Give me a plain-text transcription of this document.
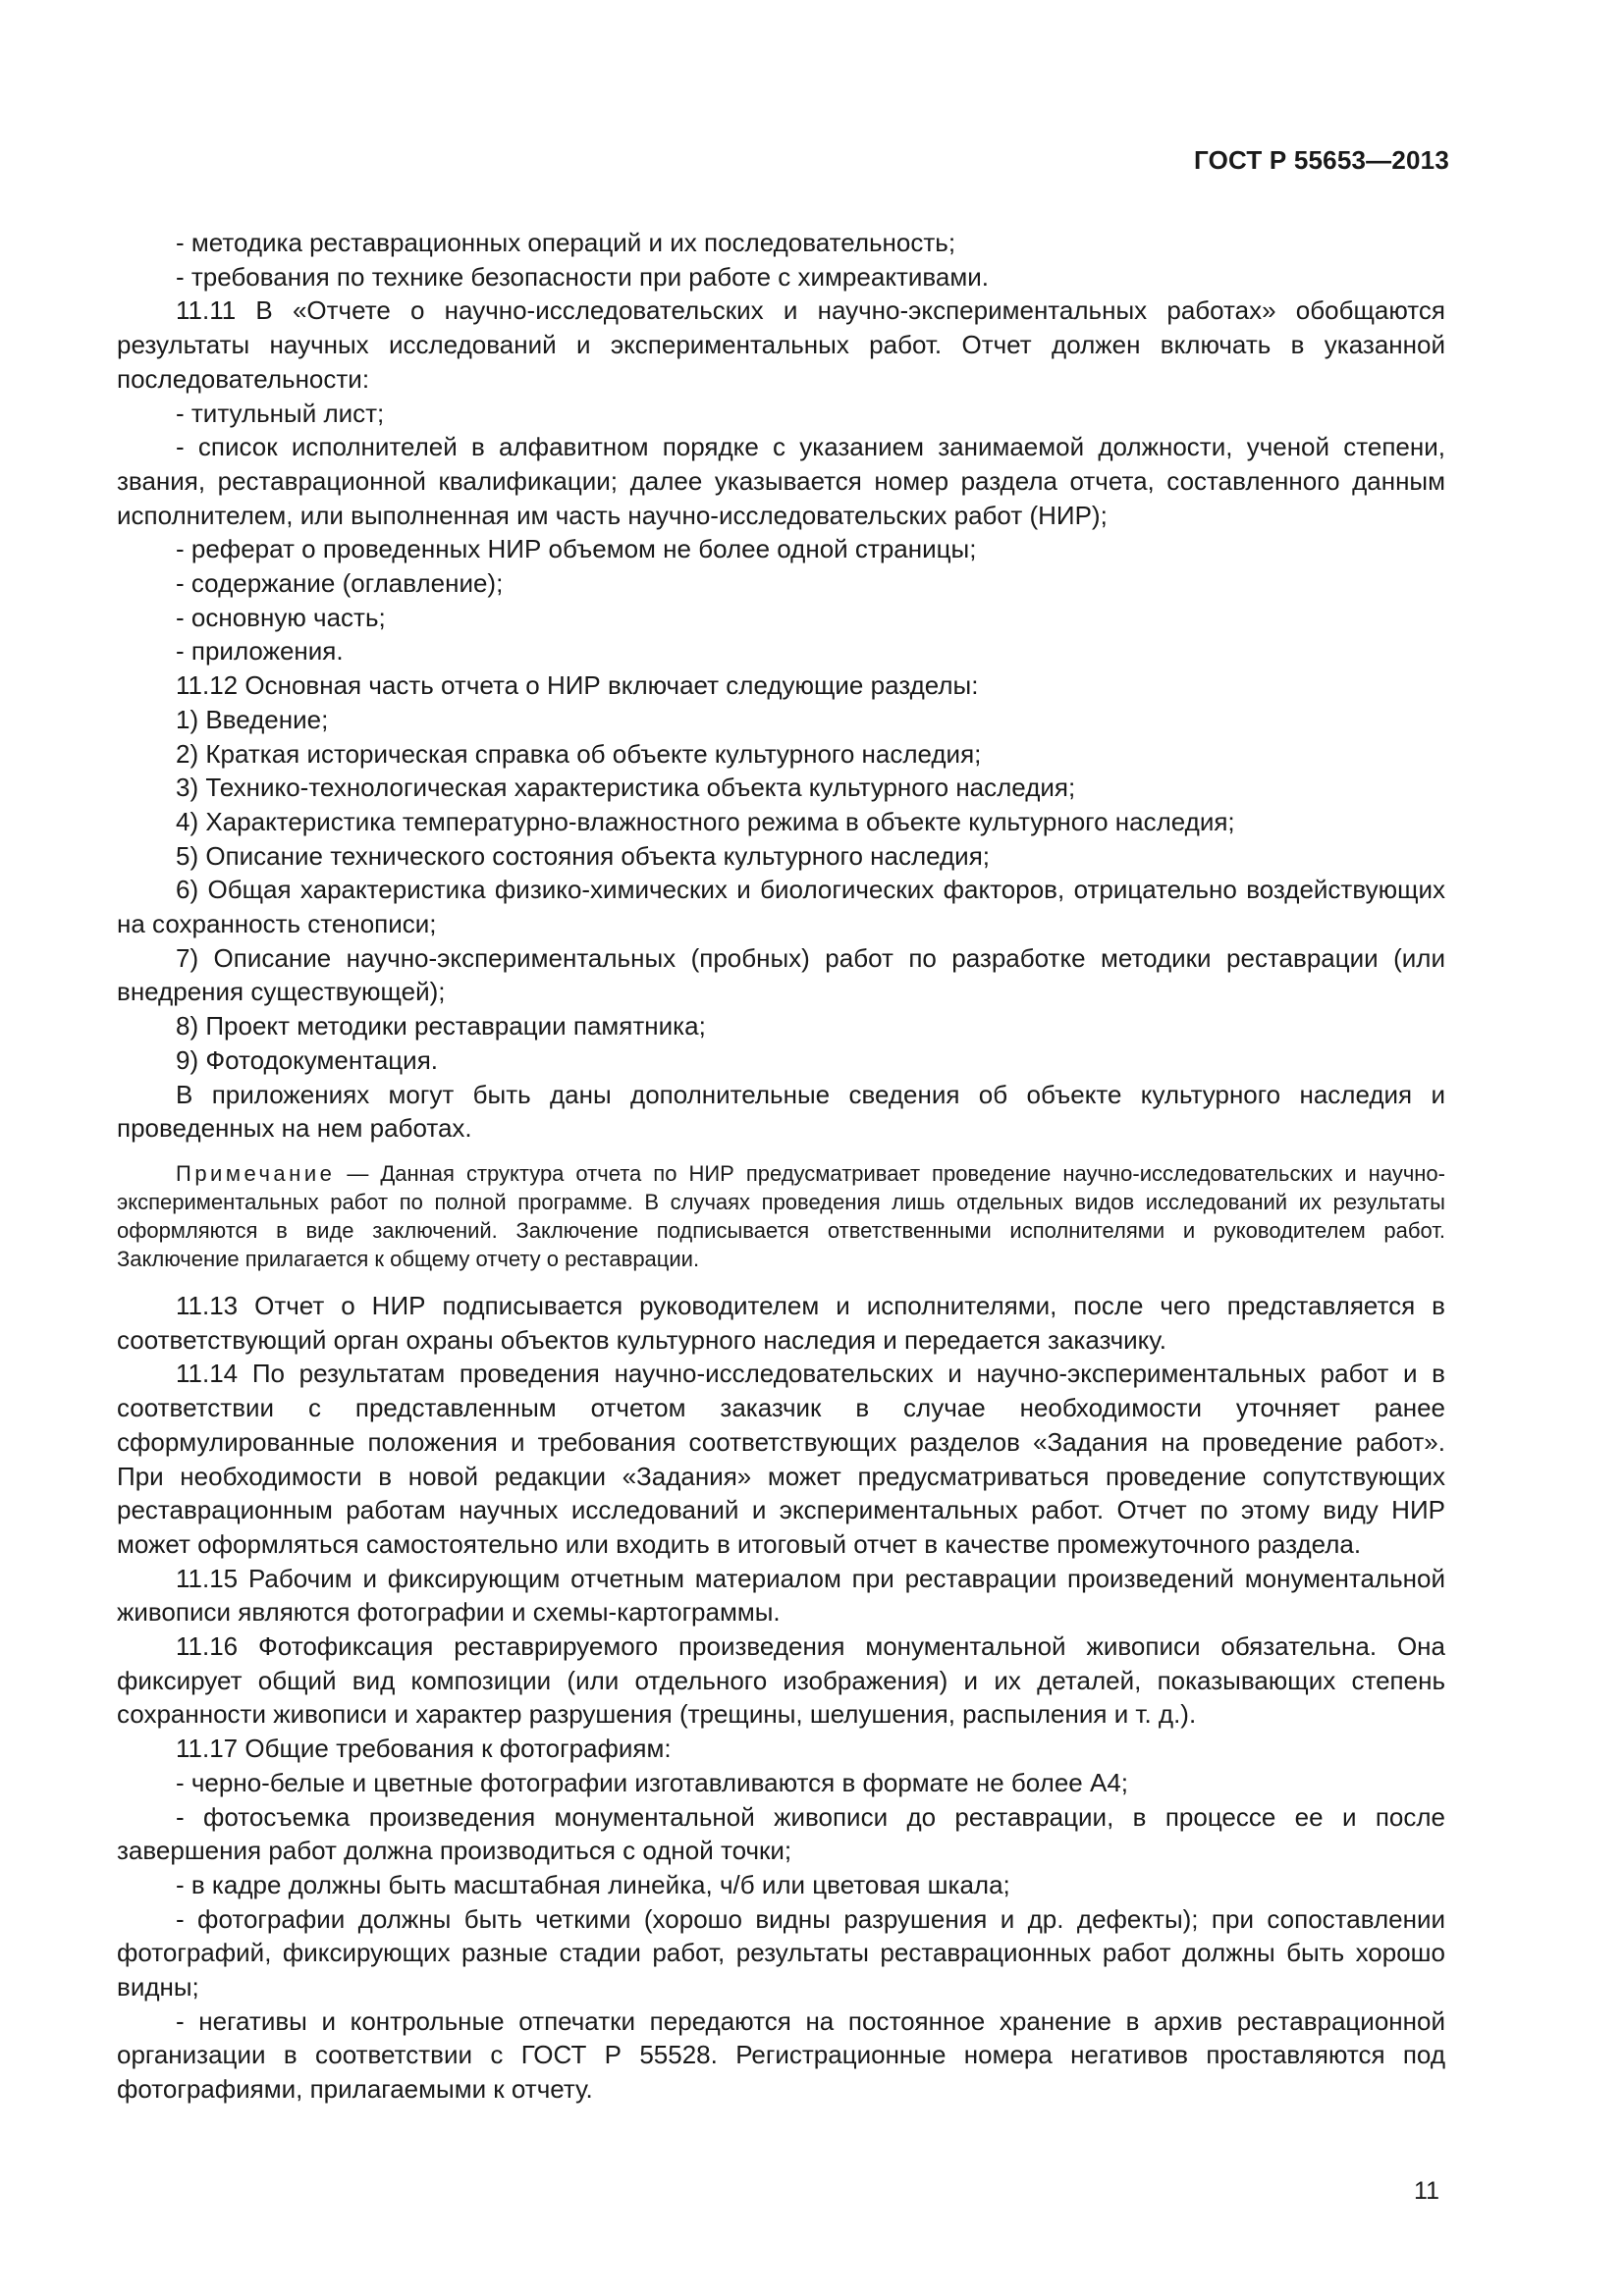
ГОСТ Р 55653—2013

- методика реставрационных операций и их последовательность;

- требования по технике безопасности при работе с химреактивами.

11.11 В «Отчете о научно-исследовательских и научно-экспериментальных работах» обобщаются результаты научных исследований и экспериментальных работ. Отчет должен включать в указанной последовательности:

- титульный лист;

- список исполнителей в алфавитном порядке с указанием занимаемой должности, ученой степени, звания, реставрационной квалификации; далее указывается номер раздела отчета, составленного данным исполнителем, или выполненная им часть научно-исследовательских работ (НИР);

- реферат о проведенных НИР объемом не более одной страницы;

- содержание (оглавление);

- основную часть;

- приложения.

11.12 Основная часть отчета о НИР включает следующие разделы:

1) Введение;

2) Краткая историческая справка об объекте культурного наследия;

3) Технико-технологическая характеристика объекта культурного наследия;

4) Характеристика температурно-влажностного режима в объекте культурного наследия;

5) Описание технического состояния объекта культурного наследия;

6) Общая характеристика физико-химических и биологических факторов, отрицательно воздействующих на сохранность стенописи;

7) Описание научно-экспериментальных (пробных) работ по разработке методики реставрации (или внедрения существующей);

8) Проект методики реставрации памятника;

9) Фотодокументация.

В приложениях могут быть даны дополнительные сведения об объекте культурного наследия и проведенных на нем работах.

Примечание — Данная структура отчета по НИР предусматривает проведение научно-исследовательских и научно-экспериментальных работ по полной программе. В случаях проведения лишь отдельных видов исследований их результаты оформляются в виде заключений. Заключение подписывается ответственными исполнителями и руководителем работ. Заключение прилагается к общему отчету о реставрации.

11.13 Отчет о НИР подписывается руководителем и исполнителями, после чего представляется в соответствующий орган охраны объектов культурного наследия и передается заказчику.

11.14 По результатам проведения научно-исследовательских и научно-экспериментальных работ и в соответствии с представленным отчетом заказчик в случае необходимости уточняет ранее сформулированные положения и требования соответствующих разделов «Задания на проведение работ». При необходимости в новой редакции «Задания» может предусматриваться проведение сопутствующих реставрационным работам научных исследований и экспериментальных работ. Отчет по этому виду НИР может оформляться самостоятельно или входить в итоговый отчет в качестве промежуточного раздела.

11.15 Рабочим и фиксирующим отчетным материалом при реставрации произведений монументальной живописи являются фотографии и схемы-картограммы.

11.16 Фотофиксация реставрируемого произведения монументальной живописи обязательна. Она фиксирует общий вид композиции (или отдельного изображения) и их деталей, показывающих степень сохранности живописи и характер разрушения (трещины, шелушения, распыления и т. д.).

11.17 Общие требования к фотографиям:

- черно-белые и цветные фотографии изготавливаются в формате не более А4;

- фотосъемка произведения монументальной живописи до реставрации, в процессе ее и после завершения работ должна производиться с одной точки;

- в кадре должны быть масштабная линейка, ч/б или цветовая шкала;

- фотографии должны быть четкими (хорошо видны разрушения и др. дефекты); при сопоставлении фотографий, фиксирующих разные стадии работ, результаты реставрационных работ должны быть хорошо видны;

- негативы и контрольные отпечатки передаются на постоянное хранение в архив реставрационной организации в соответствии с ГОСТ Р 55528. Регистрационные номера негативов проставляются под фотографиями, прилагаемыми к отчету.

11
